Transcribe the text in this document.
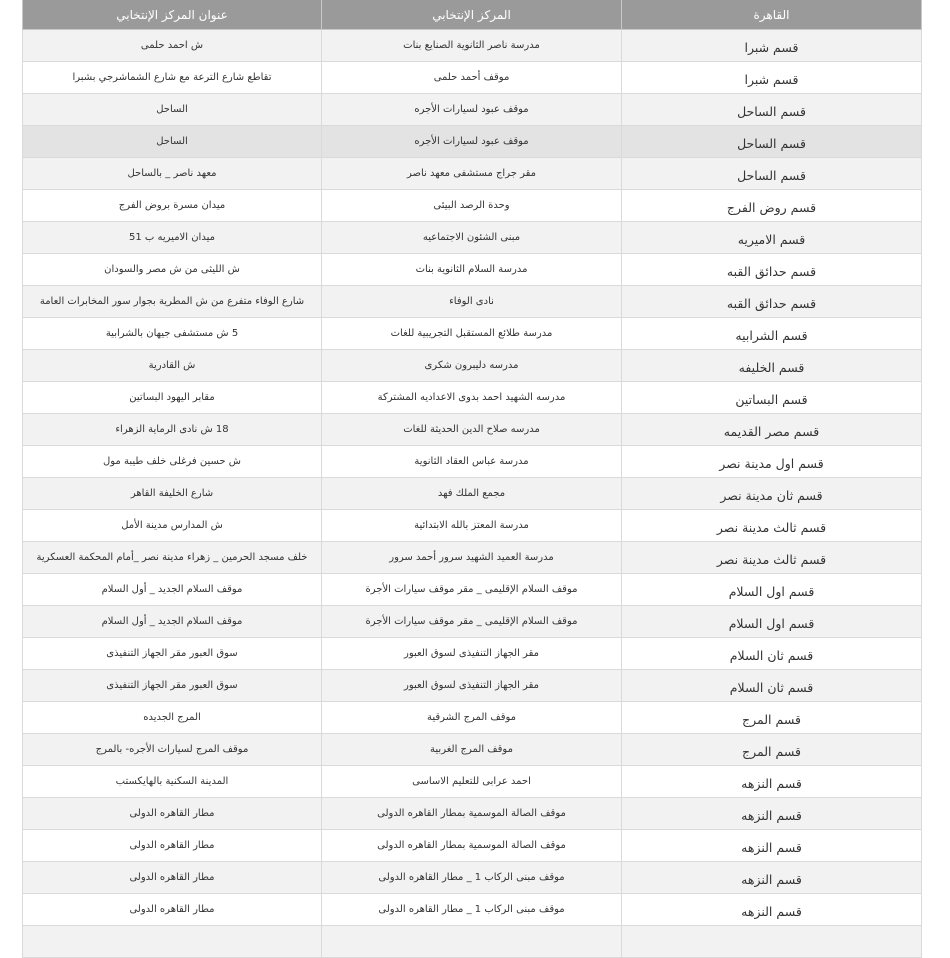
القاهرة	المركز الإنتخابي	عنوان المركز الإنتخابي
قسم شبرا	مدرسة ناصر الثانوية الصنايع بنات	ش احمد حلمى
قسم شبرا	موقف أحمد حلمى	تقاطع شارع الترعة مع شارع الشماشرجي بشبرا
قسم الساحل	موقف عبود لسيارات الأجره	الساحل
قسم الساحل	موقف عبود لسيارات الأجره	الساحل
قسم الساحل	مقر جراج مستشفى معهد ناصر	معهد ناصر _ بالساحل
قسم روض الفرج	وحدة الرصد البيئى	ميدان مسرة بروض الفرج
قسم الاميريه	مبنى الشئون الاجتماعيه	ميدان الاميريه ب 51
قسم حدائق القبه	مدرسة السلام الثانوية بنات	ش الليثى من ش مصر والسودان
قسم حدائق القبه	نادى الوفاء	شارع الوفاء متفرع من ش المطرية بجوار سور المخابرات العامة
قسم الشرابيه	مدرسة طلائع المستقبل التجريبية للغات	5 ش مستشفى جيهان بالشرابية
قسم الخليفه	مدرسه دليبرون شكرى	ش القادرية
قسم البساتين	مدرسه الشهيد احمد بدوى الاعداديه المشتركة	مقابر اليهود البساتين
قسم مصر القديمه	مدرسه صلاح الدين الحديثة للغات	18 ش نادى الرماية الزهراء
قسم اول مدينة نصر	مدرسة عباس العقاد الثانوية	ش حسين فرغلى خلف طيبة مول
قسم ثان مدينة نصر	مجمع الملك فهد	شارع الخليفة القاهر
قسم ثالث مدينة نصر	مدرسة المعتز بالله الابتدائية	ش المدارس مدينة الأمل
قسم ثالث مدينة نصر	مدرسة العميد الشهيد سرور أحمد سرور	خلف مسجد الحرمين _ زهراء مدينة نصر _أمام المحكمة العسكرية
قسم اول السلام	موقف السلام الإقليمى _ مقر موقف سيارات الأجرة	موقف السلام الجديد _ أول السلام
قسم اول السلام	موقف السلام الإقليمى _ مقر موقف سيارات الأجرة	موقف السلام الجديد _ أول السلام
قسم ثان السلام	مقر الجهاز التنفيذى لسوق العبور	سوق العبور مقر الجهاز التنفيذى
قسم ثان السلام	مقر الجهاز التنفيذى لسوق العبور	سوق العبور مقر الجهاز التنفيذى
قسم المرج	موقف المرج الشرقية	المرج الجديده
قسم المرج	موقف المرج الغربية	موقف المرج لسيارات الأجره- بالمرج
قسم النزهه	احمد عرابى للتعليم الاساسى	المدينة السكنية بالهايكستب
قسم النزهه	موقف الصالة الموسمية بمطار القاهره الدولى	مطار القاهره الدولى
قسم النزهه	موقف الصالة الموسمية بمطار القاهره الدولى	مطار القاهره الدولى
قسم النزهه	موقف مبنى الركاب 1 _ مطار القاهره الدولى	مطار القاهره الدولى
قسم النزهه	موقف مبنى الركاب 1 _ مطار القاهره الدولى	مطار القاهره الدولى
